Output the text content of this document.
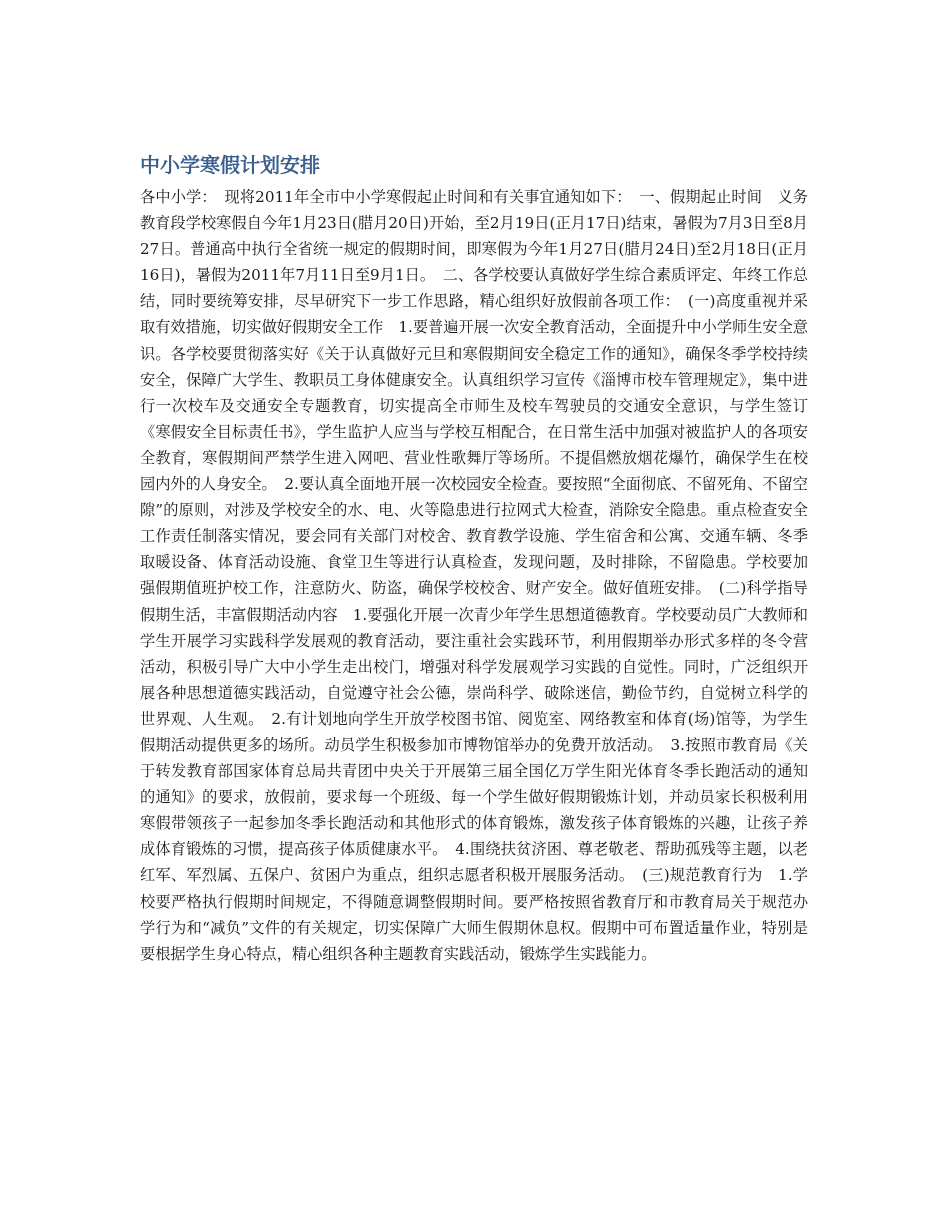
中小学寒假计划安排

各中小学：　现将2011年全市中小学寒假起止时间和有关事宜通知如下：　一、假期起止时间　义务教育段学校寒假自今年1月23日(腊月20日)开始，至2月19日(正月17日)结束，暑假为7月3日至8月27日。普通高中执行全省统一规定的假期时间，即寒假为今年1月27日(腊月24日)至2月18日(正月16日)，暑假为2011年7月11日至9月1日。　二、各学校要认真做好学生综合素质评定、年终工作总结，同时要统筹安排，尽早研究下一步工作思路，精心组织好放假前各项工作：　(一)高度重视并采取有效措施，切实做好假期安全工作　1.要普遍开展一次安全教育活动，全面提升中小学师生安全意识。各学校要贯彻落实好《关于认真做好元旦和寒假期间安全稳定工作的通知》，确保冬季学校持续安全，保障广大学生、教职员工身体健康安全。认真组织学习宣传《淄博市校车管理规定》，集中进行一次校车及交通安全专题教育，切实提高全市师生及校车驾驶员的交通安全意识，与学生签订《寒假安全目标责任书》，学生监护人应当与学校互相配合，在日常生活中加强对被监护人的各项安全教育，寒假期间严禁学生进入网吧、营业性歌舞厅等场所。不提倡燃放烟花爆竹，确保学生在校园内外的人身安全。　2.要认真全面地开展一次校园安全检查。要按照“全面彻底、不留死角、不留空隙”的原则，对涉及学校安全的水、电、火等隐患进行拉网式大检查，消除安全隐患。重点检查安全工作责任制落实情况，要会同有关部门对校舍、教育教学设施、学生宿舍和公寓、交通车辆、冬季取暖设备、体育活动设施、食堂卫生等进行认真检查，发现问题，及时排除，不留隐患。学校要加强假期值班护校工作，注意防火、防盗，确保学校校舍、财产安全。做好值班安排。　(二)科学指导假期生活，丰富假期活动内容　1.要强化开展一次青少年学生思想道德教育。学校要动员广大教师和学生开展学习实践科学发展观的教育活动，要注重社会实践环节，利用假期举办形式多样的冬令营活动，积极引导广大中小学生走出校门，增强对科学发展观学习实践的自觉性。同时，广泛组织开展各种思想道德实践活动，自觉遵守社会公德，崇尚科学、破除迷信，勤俭节约，自觉树立科学的世界观、人生观。　2.有计划地向学生开放学校图书馆、阅览室、网络教室和体育(场)馆等，为学生假期活动提供更多的场所。动员学生积极参加市博物馆举办的免费开放活动。　3.按照市教育局《关于转发教育部国家体育总局共青团中央关于开展第三届全国亿万学生阳光体育冬季长跑活动的通知的通知》的要求，放假前，要求每一个班级、每一个学生做好假期锻炼计划，并动员家长积极利用寒假带领孩子一起参加冬季长跑活动和其他形式的体育锻炼，激发孩子体育锻炼的兴趣，让孩子养成体育锻炼的习惯，提高孩子体质健康水平。　4.围绕扶贫济困、尊老敬老、帮助孤残等主题，以老红军、军烈属、五保户、贫困户为重点，组织志愿者积极开展服务活动。　(三)规范教育行为　1.学校要严格执行假期时间规定，不得随意调整假期时间。要严格按照省教育厅和市教育局关于规范办学行为和“减负”文件的有关规定，切实保障广大师生假期休息权。假期中可布置适量作业，特别是要根据学生身心特点，精心组织各种主题教育实践活动，锻炼学生实践能力。
